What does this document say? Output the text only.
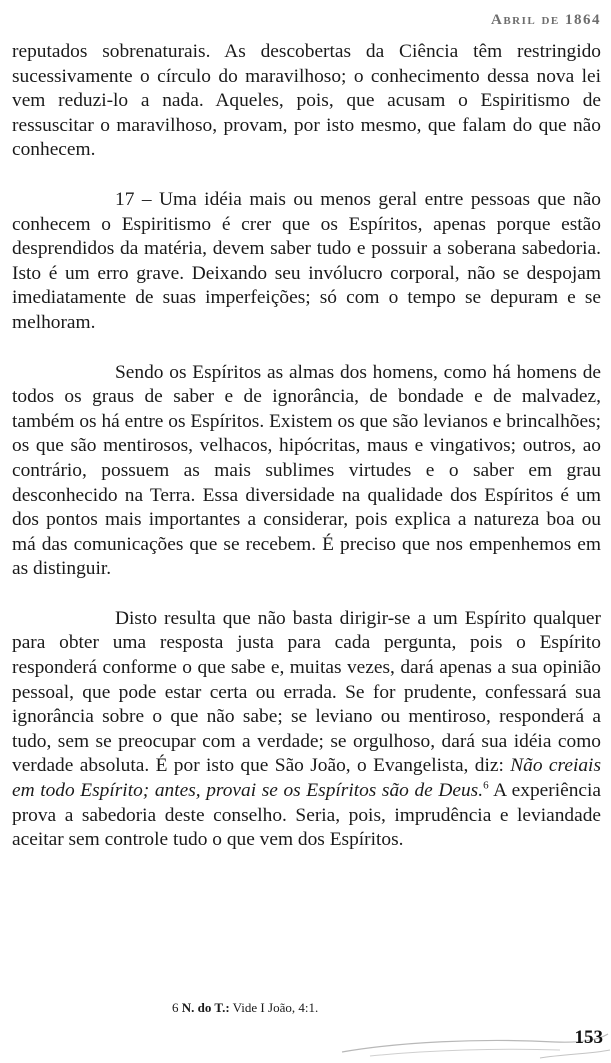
Abril de 1864

reputados sobrenaturais. As descobertas da Ciência têm restringido sucessivamente o círculo do maravilhoso; o conhecimento dessa nova lei vem reduzi-lo a nada. Aqueles, pois, que acusam o Espiritismo de ressuscitar o maravilhoso, provam, por isto mesmo, que falam do que não conhecem.

17 – Uma idéia mais ou menos geral entre pessoas que não conhecem o Espiritismo é crer que os Espíritos, apenas porque estão desprendidos da matéria, devem saber tudo e possuir a soberana sabedoria. Isto é um erro grave. Deixando seu invólucro corporal, não se despojam imediatamente de suas imperfeições; só com o tempo se depuram e se melhoram.

Sendo os Espíritos as almas dos homens, como há homens de todos os graus de saber e de ignorância, de bondade e de malvadez, também os há entre os Espíritos. Existem os que são levianos e brincalhões; os que são mentirosos, velhacos, hipócritas, maus e vingativos; outros, ao contrário, possuem as mais sublimes virtudes e o saber em grau desconhecido na Terra. Essa diversidade na qualidade dos Espíritos é um dos pontos mais importantes a considerar, pois explica a natureza boa ou má das comunicações que se recebem. É preciso que nos empenhemos em as distinguir.

Disto resulta que não basta dirigir-se a um Espírito qualquer para obter uma resposta justa para cada pergunta, pois o Espírito responderá conforme o que sabe e, muitas vezes, dará apenas a sua opinião pessoal, que pode estar certa ou errada. Se for prudente, confessará sua ignorância sobre o que não sabe; se leviano ou mentiroso, responderá a tudo, sem se preocupar com a verdade; se orgulhoso, dará sua idéia como verdade absoluta. É por isto que São João, o Evangelista, diz: Não creiais em todo Espírito; antes, provai se os Espíritos são de Deus.$^6$ A experiência prova a sabedoria deste conselho. Seria, pois, imprudência e leviandade aceitar sem controle tudo o que vem dos Espíritos.

6 N. do T.: Vide I João, 4:1.
153
